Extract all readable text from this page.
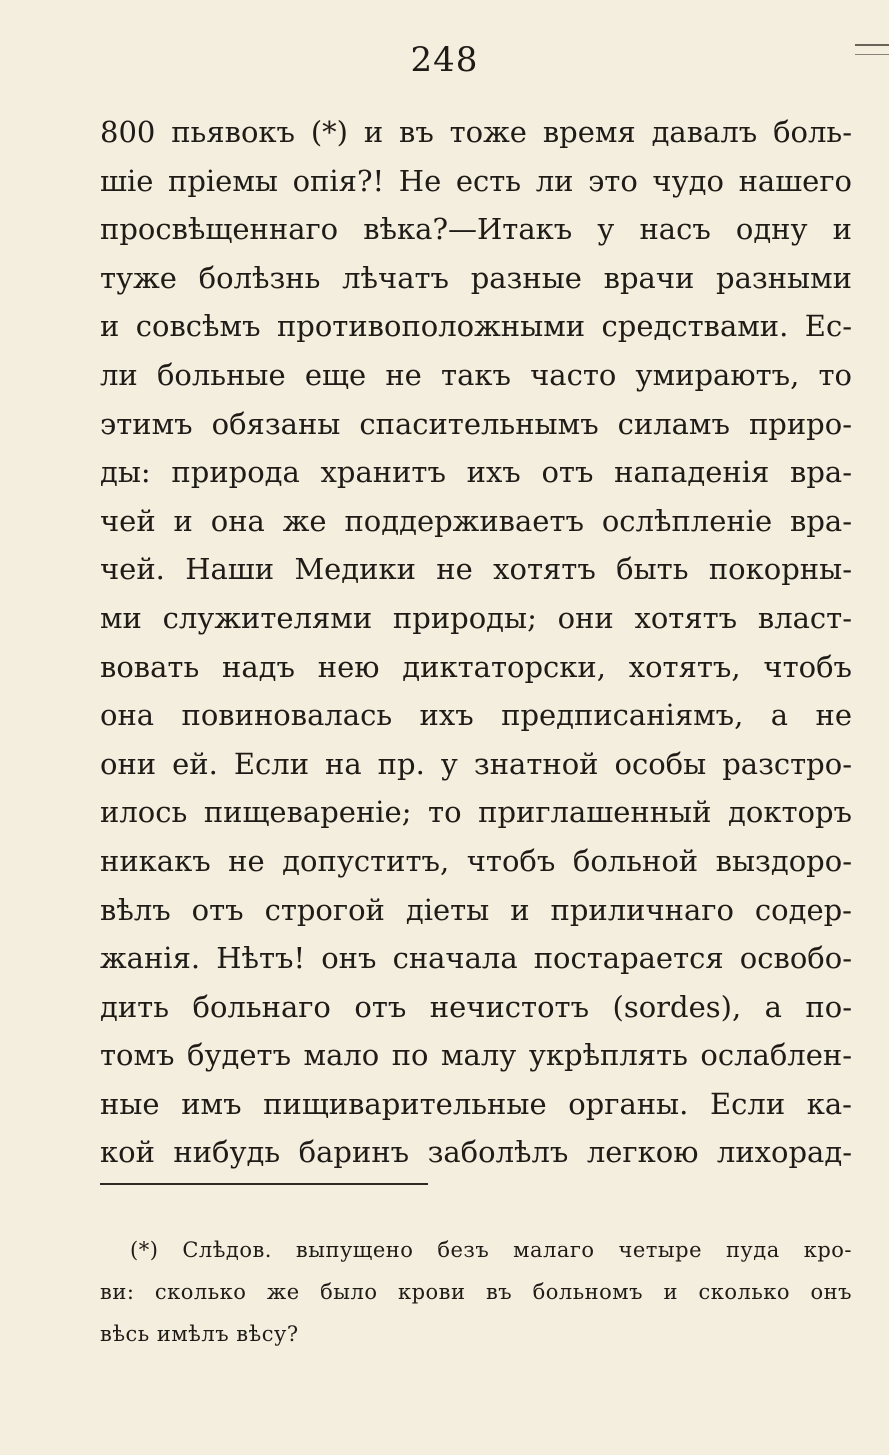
248
800 пьявокъ (*) и въ тоже время давалъ боль-
шіе пріемы опія?! Не есть ли это чудо нашего
просвѣщеннаго вѣка?—Итакъ у насъ одну и
туже болѣзнь лѣчатъ разные врачи разными
и совсѣмъ противоположными средствами. Ес-
ли больные еще не такъ часто умираютъ, то
этимъ обязаны спасительнымъ силамъ приро-
ды: природа хранитъ ихъ отъ нападенія вра-
чей и она же поддерживаетъ ослѣпленіе вра-
чей. Наши Медики не хотятъ быть покорны-
ми служителями природы; они хотятъ власт-
вовать надъ нею диктаторски, хотятъ, чтобъ
она повиновалась ихъ предписаніямъ, а не
они ей. Если на пр. у знатной особы разстро-
илось пищевареніе; то приглашенный докторъ
никакъ не допуститъ, чтобъ больной выздоро-
вѣлъ отъ строгой діеты и приличнаго содер-
жанія. Нѣтъ! онъ сначала постарается освобо-
дить больнаго отъ нечистотъ (sordes), а по-
томъ будетъ мало по малу укрѣплять ослаблен-
ные имъ пищиварительные органы. Если ка-
кой нибудь баринъ заболѣлъ легкою лихорад-
(*) Слѣдов. выпущено безъ малаго четыре пуда кро-
ви: сколько же было крови въ больномъ и сколько онъ
вѣсь имѣлъ вѣсу?
